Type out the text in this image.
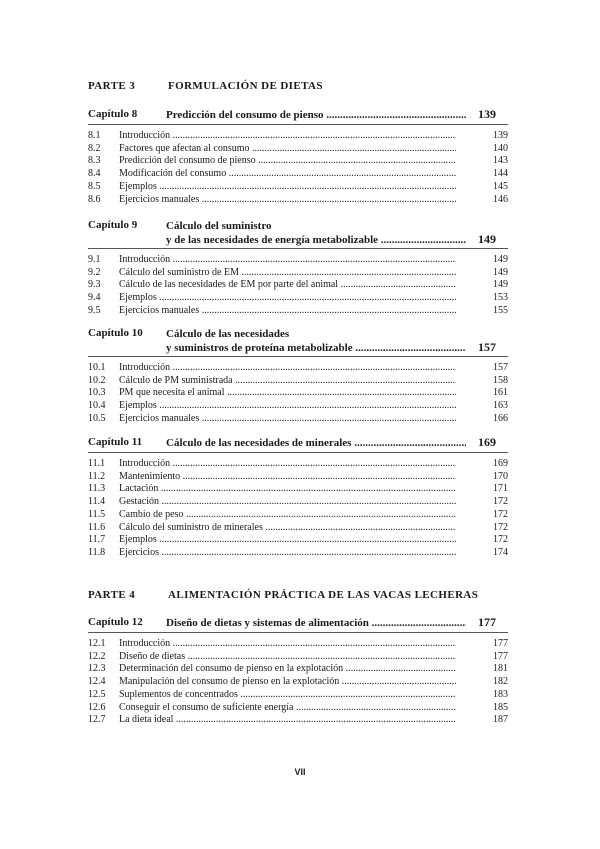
PARTE 3	FORMULACIÓN DE DIETAS
Capítulo 8	Predicción del consumo de pienso .....	139
8.1 Introducción .....	139
8.2 Factores que afectan al consumo .....	140
8.3 Predicción del consumo de pienso .....	143
8.4 Modificación del consumo .....	144
8.5 Ejemplos .....	145
8.6 Ejercicios manuales .....	146
Capítulo 9	Cálculo del suministro
y de las necesidades de energía metabolizable .....	149
9.1 Introducción .....	149
9.2 Cálculo del suministro de EM .....	149
9.3 Cálculo de las necesidades de EM por parte del animal .....	149
9.4 Ejemplos .....	153
9.5 Ejercicios manuales .....	155
Capítulo 10 Cálculo de las necesidades
y suministros de proteína metabolizable .....	157
10.1 Introducción .....	157
10.2 Cálculo de PM suministrada .....	158
10.3 PM que necesita el animal .....	161
10.4 Ejemplos .....	163
10.5 Ejercicios manuales .....	166
Capítulo 11 Cálculo de las necesidades de minerales .....	169
11.1 Introducción .....	169
11.2 Mantenimiento .....	170
11.3 Lactación .....	171
11.4 Gestación .....	172
11.5 Cambio de peso .....	172
11.6 Cálculo del suministro de minerales .....	172
11.7 Ejemplos .....	172
11.8 Ejercicios .....	174
PARTE 4	ALIMENTACIÓN PRÁCTICA DE LAS VACAS LECHERAS
Capítulo 12 Diseño de dietas y sistemas de alimentación .....	177
12.1 Introducción .....	177
12.2 Diseño de dietas .....	177
12.3 Determinación del consumo de pienso en la explotación .....	181
12.4 Manipulación del consumo de pienso en la explotación .....	182
12.5 Suplementos de concentrados .....	183
12.6 Conseguir el consumo de suficiente energía .....	185
12.7 La dieta ideal .....	187
VII
